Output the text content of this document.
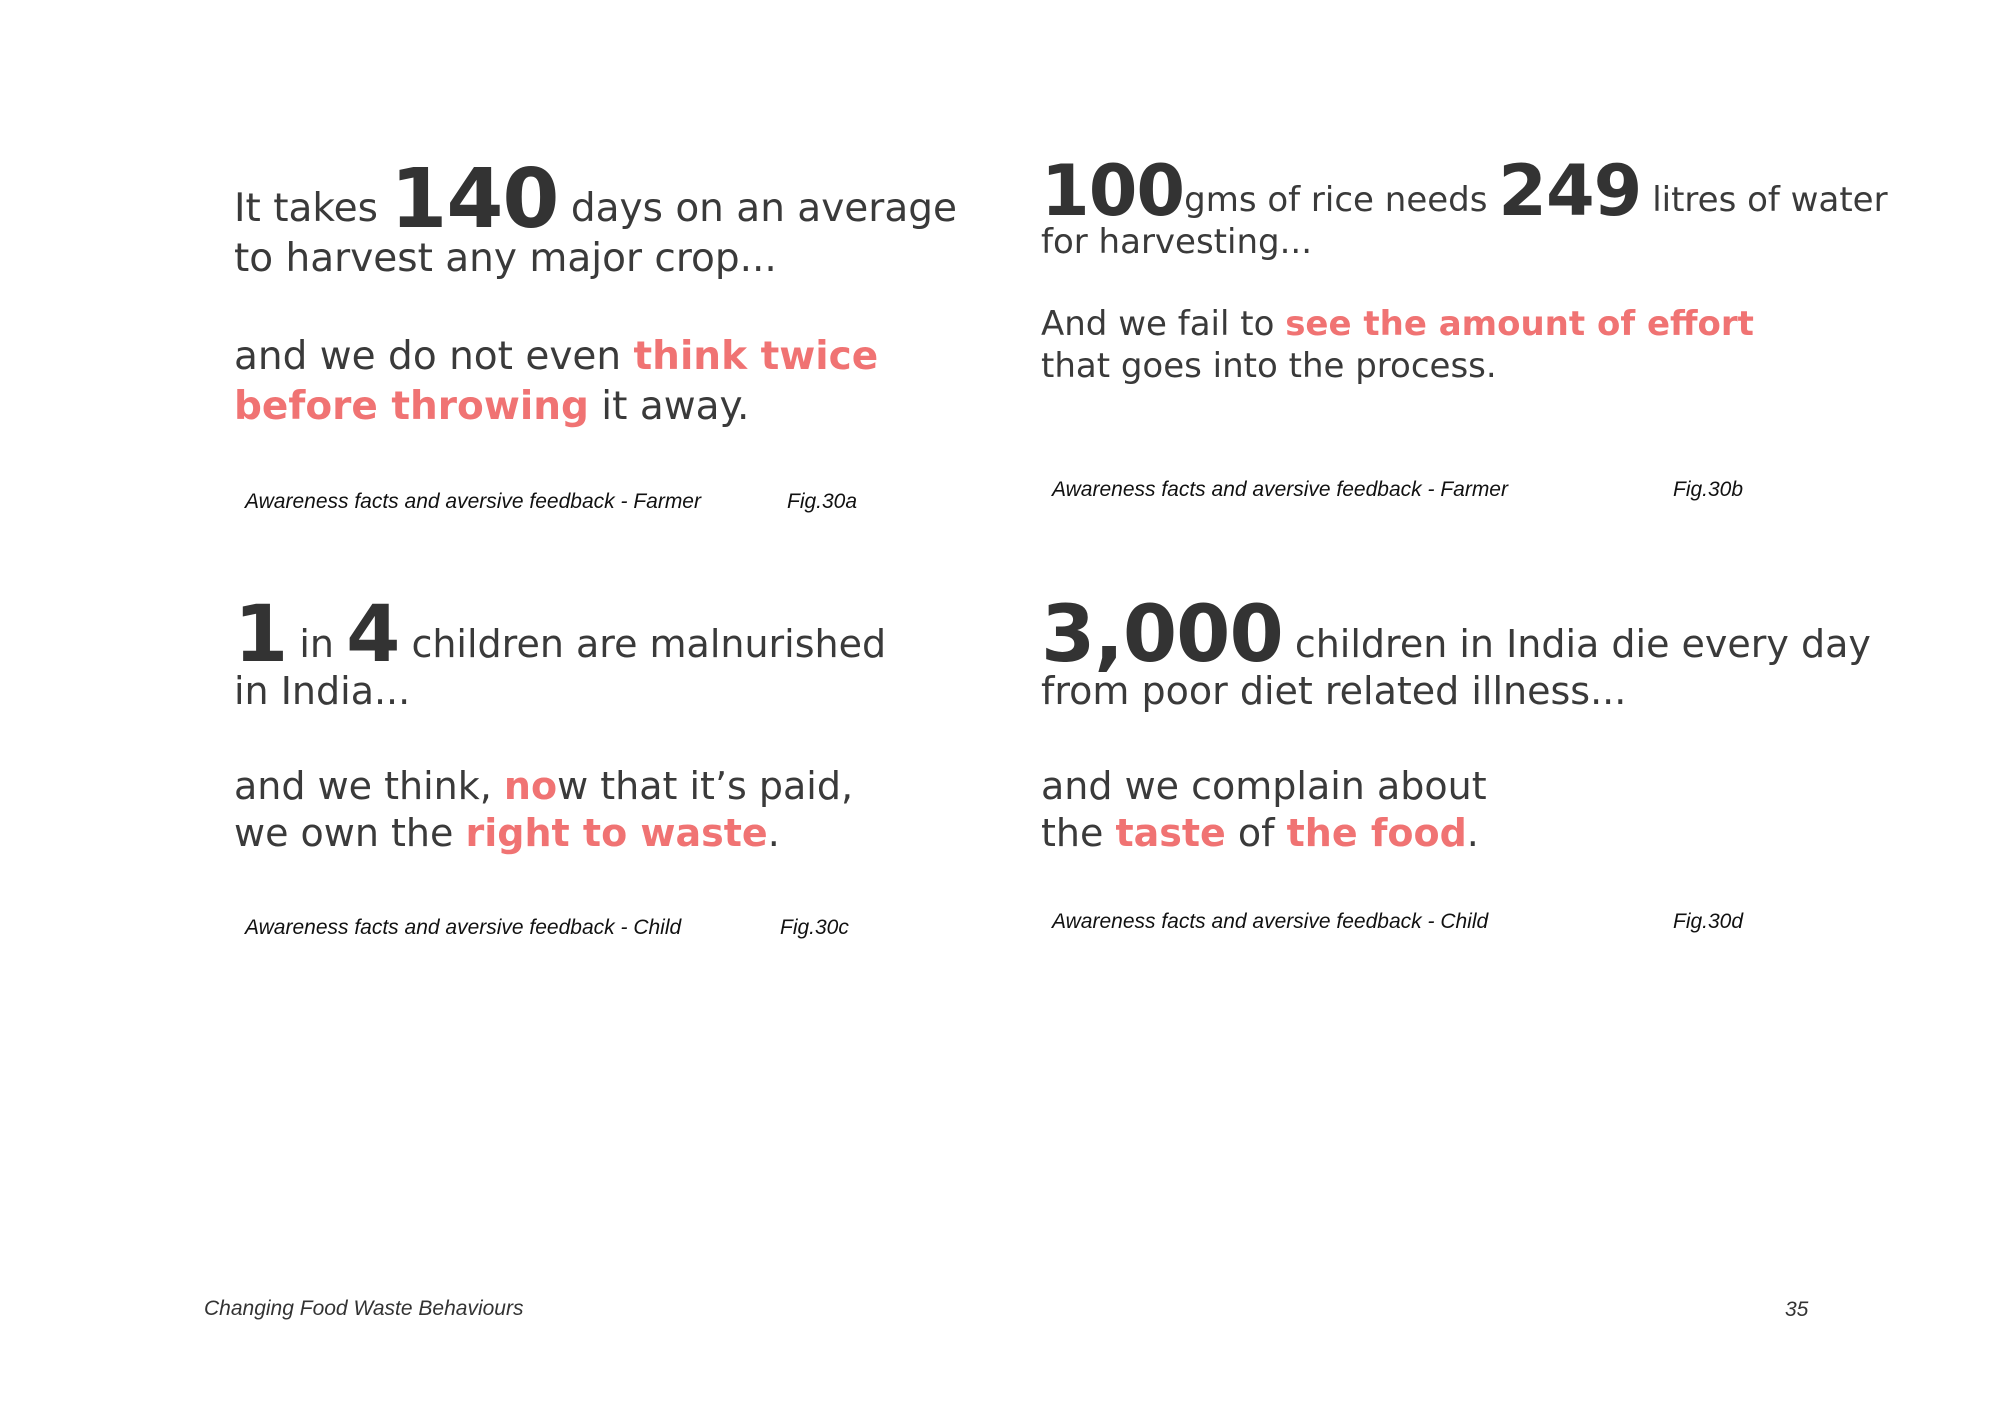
It takes 140 days on an average
to harvest any major crop...
and we do not even think twice
before throwing it away.
Awareness facts and aversive feedback - Farmer	Fig.30a
100gms of rice needs 249 litres of water
for harvesting...
And we fail to see the amount of effort
that goes into the process.
Awareness facts and aversive feedback - Farmer	Fig.30b
1 in 4 children are malnurished
in India...
and we think, now that it’s paid,
we own the right to waste.
Awareness facts and aversive feedback - Child	Fig.30c
3,000 children in India die every day
from poor diet related illness...
and we complain about
the taste of the food.
Awareness facts and aversive feedback - Child	Fig.30d
Changing Food Waste Behaviours	35
